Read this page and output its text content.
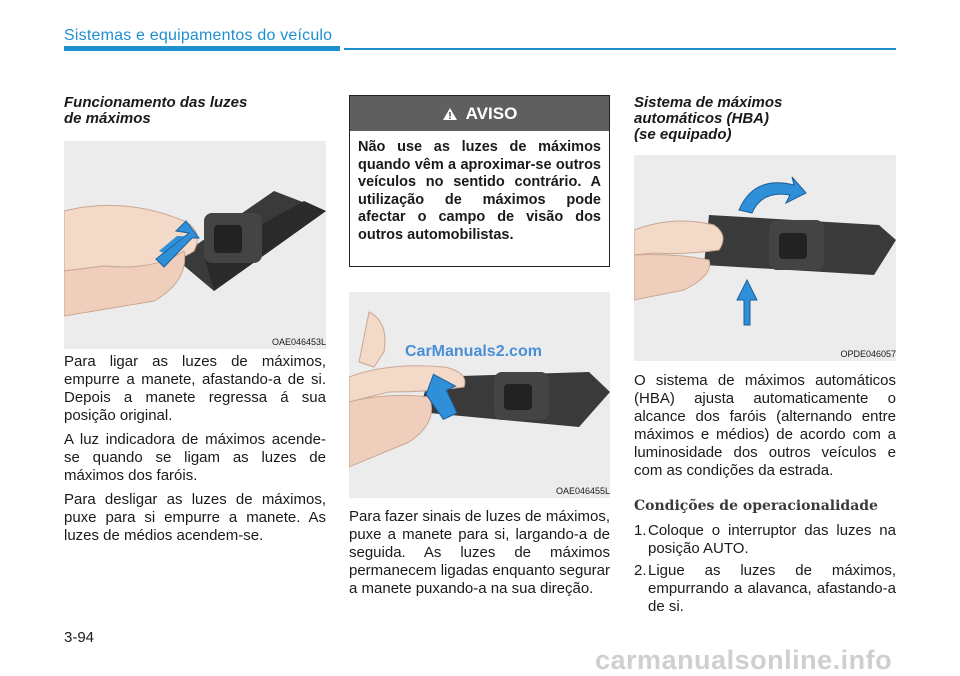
Sistemas e equipamentos do veículo
Funcionamento das luzes
de máximos
OAE046453L
Para ligar as luzes de máximos, empurre a manete, afastando-a de si. Depois a manete regressa á sua posição original.
A luz indicadora de máximos acende-se quando se ligam as luzes de máximos dos faróis.
Para desligar as luzes de máximos, puxe para si empurre a manete. As luzes de médios acendem-se.
AVISO
Não use as luzes de máximos quando vêm a aproximar-se outros veículos no sentido contrário. A utilização de máximos pode afectar o campo de visão dos outros automobilistas.
CarManuals2.com
OAE046455L

Para fazer sinais de luzes de máximos, puxe a manete para si, largando-a de seguida. As luzes de máximos permanecem ligadas enquanto segurar a manete puxando-a na sua direção.

Sistema de máximos
automáticos (HBA)
(se equipado)
OPDE046057

O sistema de máximos automáticos (HBA) ajusta automaticamente o alcance dos faróis (alternando entre máximos e médios) de acordo com a luminosidade dos outros veículos e com as condições da estrada.

Condições de operacionalidade
1. Coloque o interruptor das luzes na posição AUTO.
2. Ligue as luzes de máximos, empurrando a alavanca, afastando-a de si.
3-94
carmanualsonline.info
